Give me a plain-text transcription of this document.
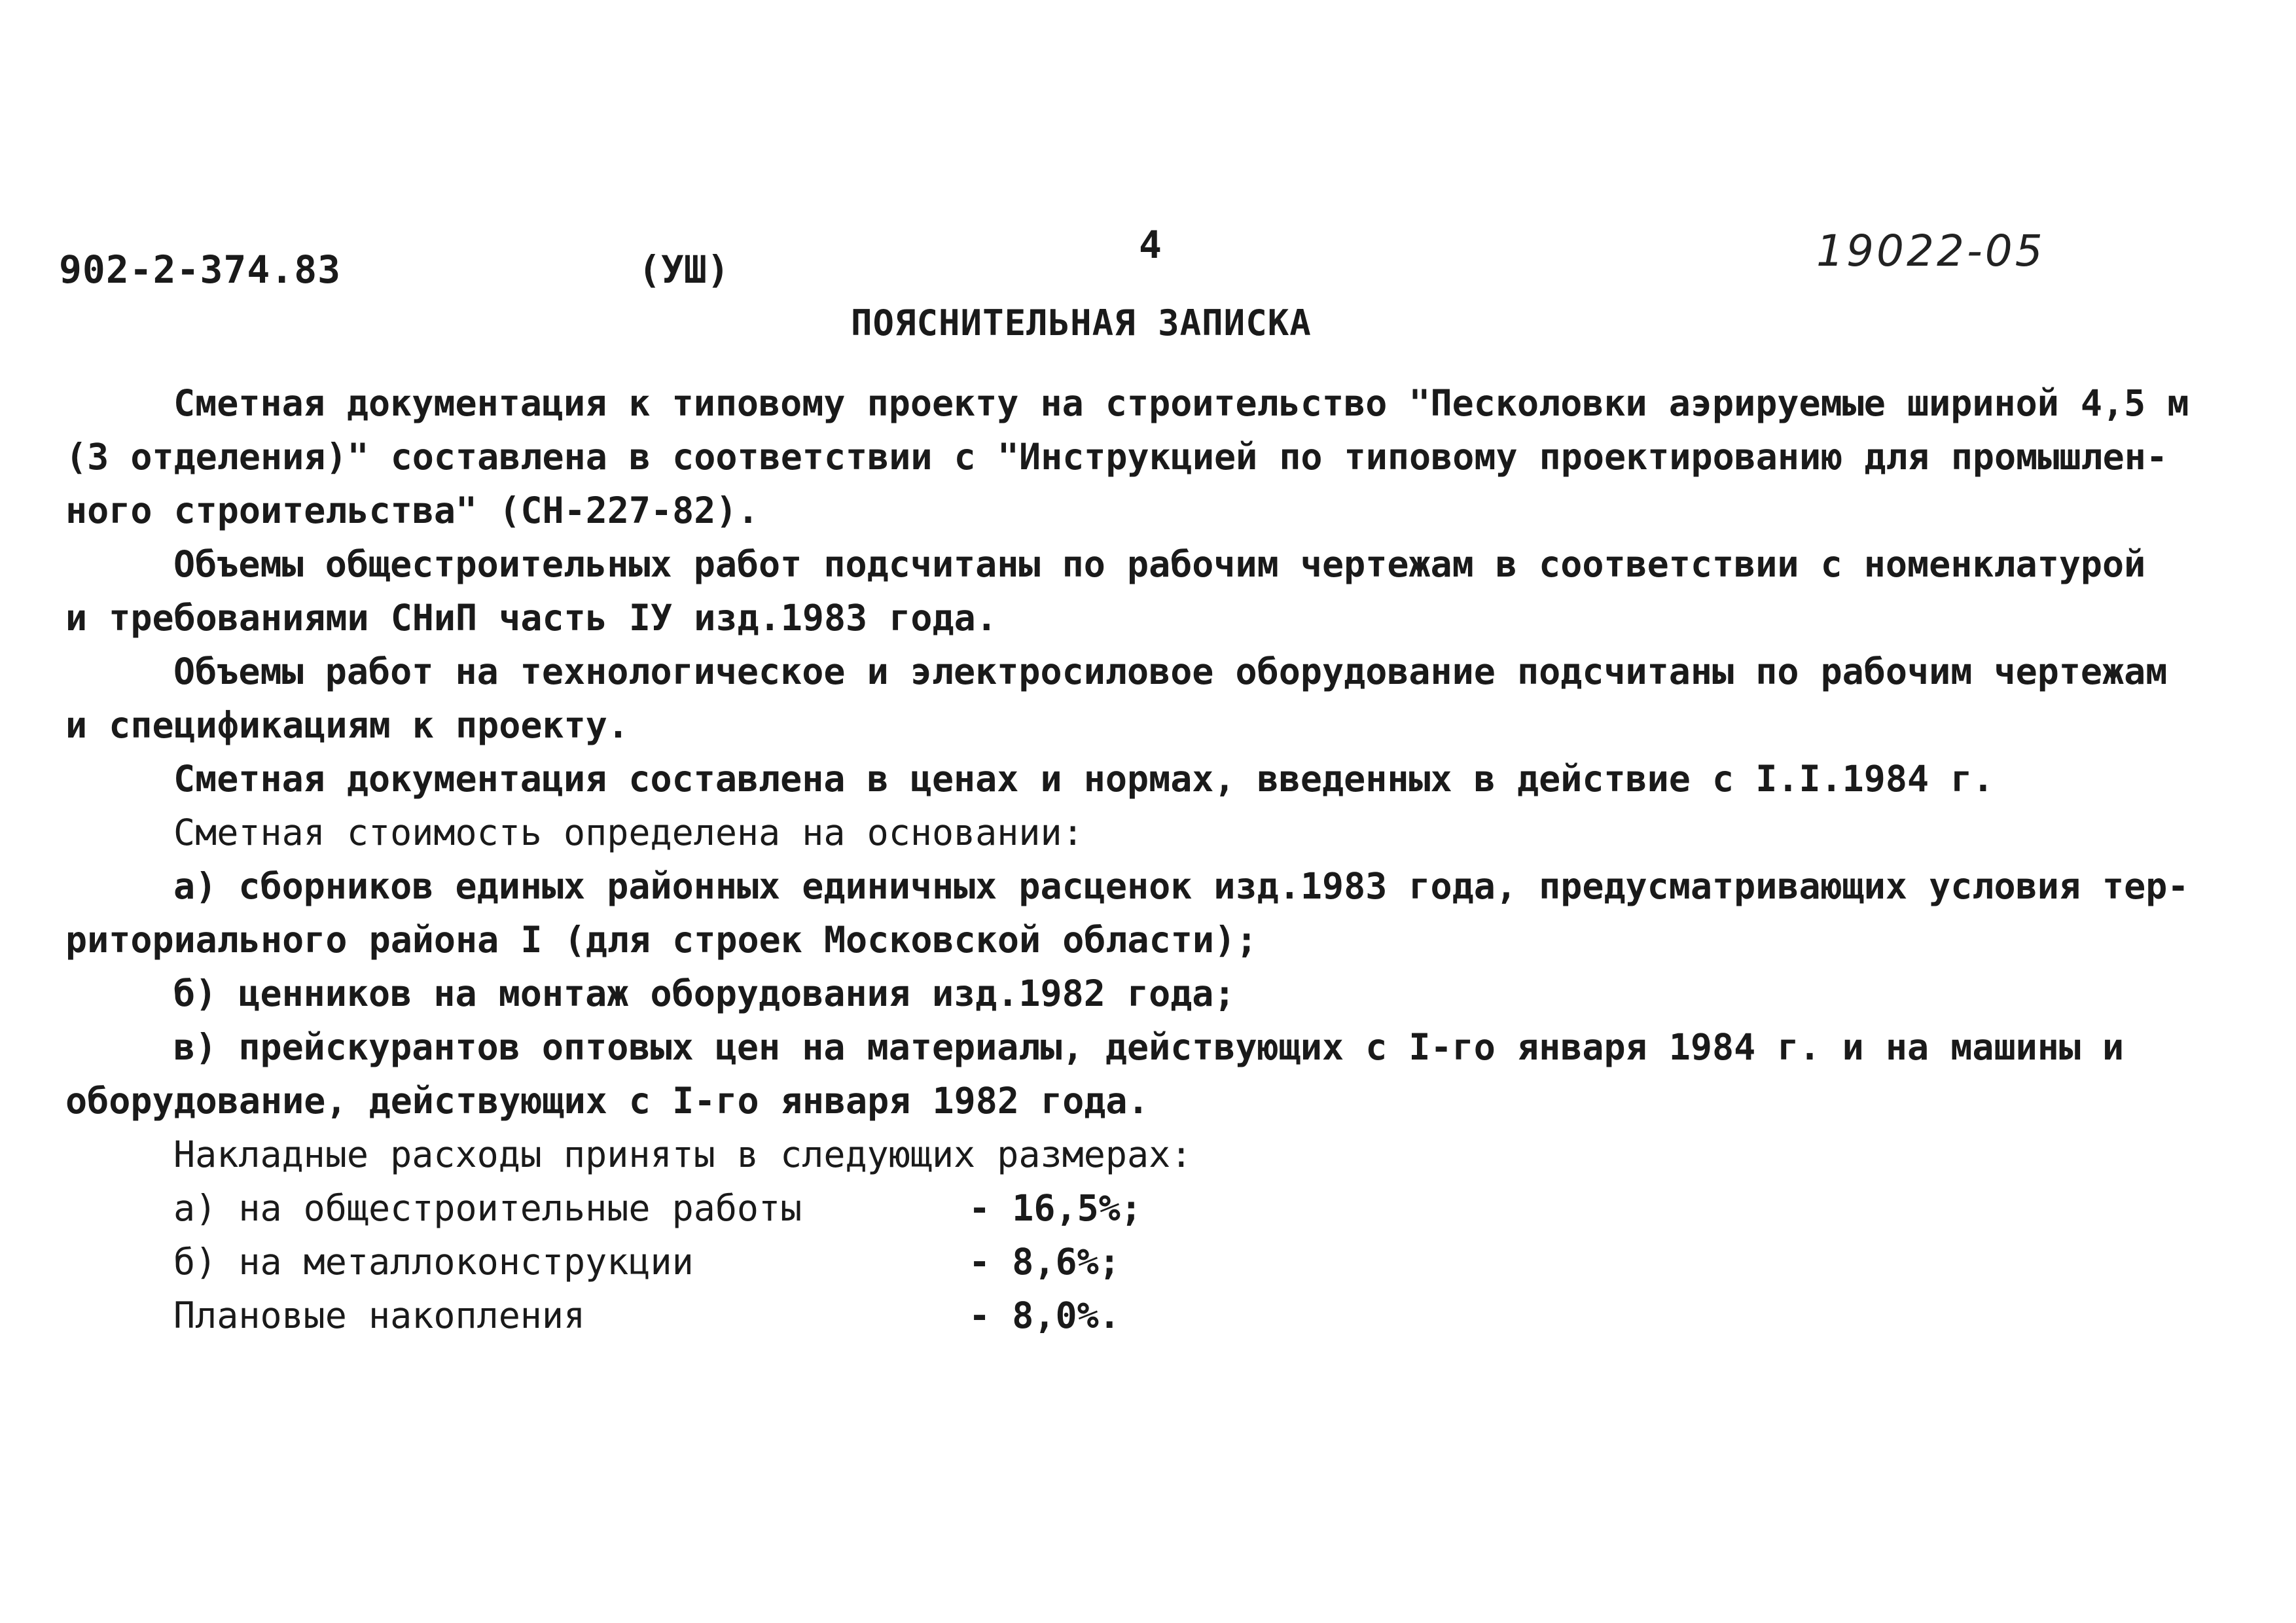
902-2-374.83	(УШ)
4	19022-05
ПОЯСНИТЕЛЬНАЯ ЗАПИСКА
Сметная документация к типовому проекту на строительство "Песколовки аэрируемые шириной 4,5 м
(3 отделения)" составлена в соответствии с "Инструкцией по типовому проектированию для промышлен-
ного строительства" (СН-227-82).
Объемы общестроительных работ подсчитаны по рабочим чертежам в соответствии с номенклатурой
и требованиями СНиП часть IУ изд.1983 года.
Объемы работ на технологическое и электросиловое оборудование подсчитаны по рабочим чертежам
и спецификациям к проекту.
Сметная документация составлена в ценах и нормах, введенных в действие с I.I.1984 г.
Сметная стоимость определена на основании:
а) сборников единых районных единичных расценок изд.1983 года, предусматривающих условия тер-
риториального района I (для строек Московской области);
б) ценников на монтаж оборудования изд.1982 года;
в) прейскурантов оптовых цен на материалы, действующих с I-го января 1984 г. и на машины и
оборудование, действующих с I-го января 1982 года.
Накладные расходы приняты в следующих размерах:
а) на общестроительные работы	- 16,5%;
б) на металлоконструкции	- 8,6%;
Плановые накопления	- 8,0%.
